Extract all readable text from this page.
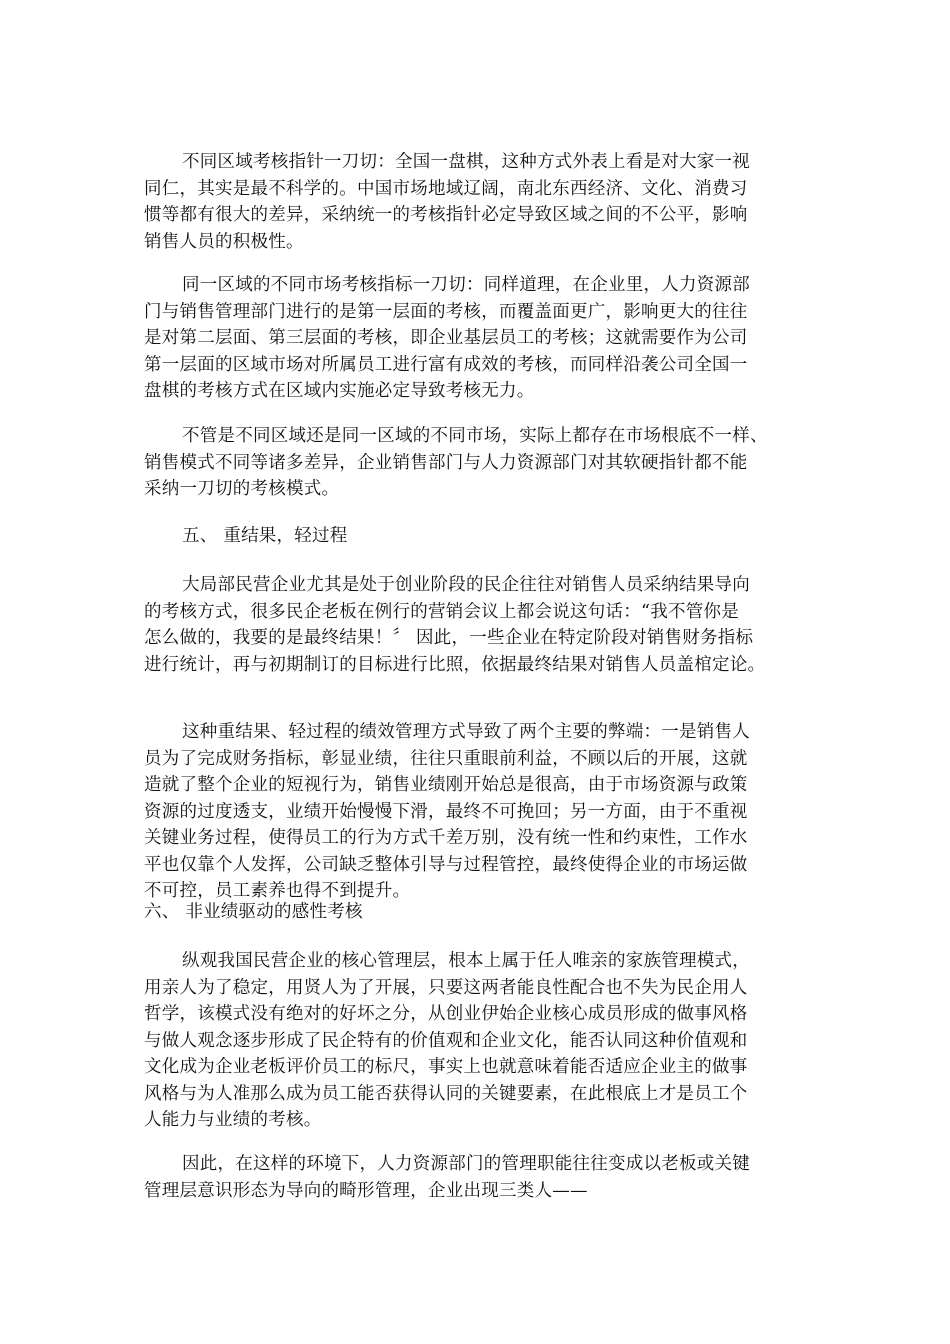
不同区域考核指针一刀切：全国一盘棋，这种方式外表上看是对大家一视
同仁，其实是最不科学的。中国市场地域辽阔，南北东西经济、文化、消费习
惯等都有很大的差异，采纳统一的考核指针必定导致区域之间的不公平，影响
销售人员的积极性。

同一区域的不同市场考核指标一刀切：同样道理，在企业里，人力资源部
门与销售管理部门进行的是第一层面的考核，而覆盖面更广，影响更大的往往
是对第二层面、第三层面的考核，即企业基层员工的考核；这就需要作为公司
第一层面的区域市场对所属员工进行富有成效的考核，而同样沿袭公司全国一
盘棋的考核方式在区域内实施必定导致考核无力。

不管是不同区域还是同一区域的不同市场，实际上都存在市场根底不一样、
销售模式不同等诸多差异，企业销售部门与人力资源部门对其软硬指针都不能
采纳一刀切的考核模式。

五、 重结果，轻过程

大局部民营企业尤其是处于创业阶段的民企往往对销售人员采纳结果导向
的考核方式，很多民企老板在例行的营销会议上都会说这句话：“我不管你是
怎么做的，我要的是最终结果！〞 因此，一些企业在特定阶段对销售财务指标
进行统计，再与初期制订的目标进行比照，依据最终结果对销售人员盖棺定论。

这种重结果、轻过程的绩效管理方式导致了两个主要的弊端：一是销售人
员为了完成财务指标，彰显业绩，往往只重眼前利益，不顾以后的开展，这就
造就了整个企业的短视行为，销售业绩刚开始总是很高，由于市场资源与政策
资源的过度透支，业绩开始慢慢下滑，最终不可挽回；另一方面，由于不重视
关键业务过程，使得员工的行为方式千差万别，没有统一性和约束性，工作水
平也仅靠个人发挥，公司缺乏整体引导与过程管控，最终使得企业的市场运做
不可控，员工素养也得不到提升。

六、 非业绩驱动的感性考核

纵观我国民营企业的核心管理层，根本上属于任人唯亲的家族管理模式，
用亲人为了稳定，用贤人为了开展，只要这两者能良性配合也不失为民企用人
哲学，该模式没有绝对的好坏之分，从创业伊始企业核心成员形成的做事风格
与做人观念逐步形成了民企特有的价值观和企业文化，能否认同这种价值观和
文化成为企业老板评价员工的标尺，事实上也就意味着能否适应企业主的做事
风格与为人准那么成为员工能否获得认同的关键要素，在此根底上才是员工个
人能力与业绩的考核。

因此，在这样的环境下，人力资源部门的管理职能往往变成以老板或关键
管理层意识形态为导向的畸形管理，企业出现三类人——
